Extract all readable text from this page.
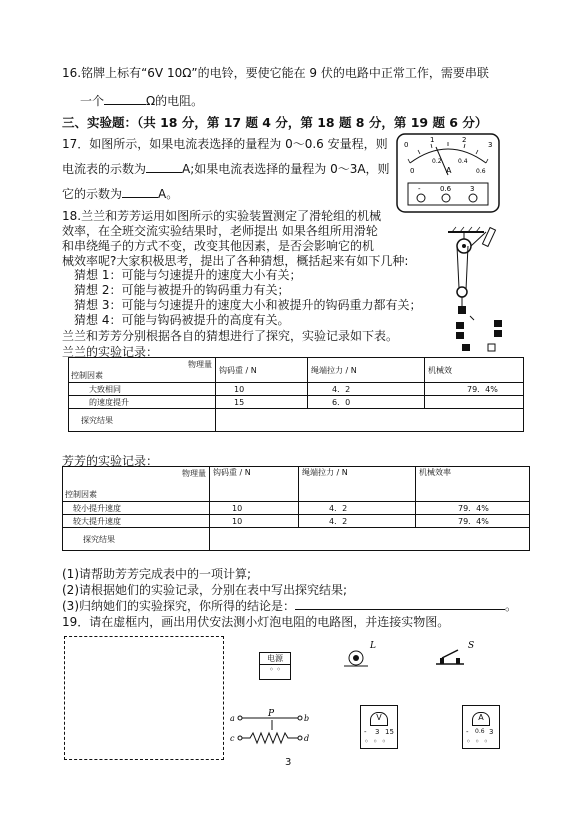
16.铭牌上标有“6V 10Ω”的电铃，要使它能在 9 伏的电路中正常工作，需要串联
一个	Ω的电阻。
三、实验题：（共 18 分，第 17 题 4 分，第 18 题 8 分，第 19 题 6 分）
17．如图所示，如果电流表选择的量程为 0～0.6 安量程，则
电流表的示数为	A;如果电流表选择的量程为 0～3A，则
它的示数为	A。
0
1	2
3
0
0.2	0.4
0.6
A
-	0.6	3
18.兰兰和芳芳运用如图所示的实验装置测定了滑轮组的机械
效率，在全班交流实验结果时，老师提出 如果各组所用滑轮
和串绕绳子的方式不变，改变其他因素，是否会影响它的机
械效率呢?大家积极思考，提出了各种猜想，概括起来有如下几种:
猜想 1：可能与匀速提升的速度大小有关；
猜想 2：可能与被提升的钩码重力有关；
猜想 3：可能与匀速提升的速度大小和被提升的钩码重力都有关；
猜想 4：可能与钩码被提升的高度有关。
兰兰和芳芳分别根据各自的猜想进行了探究，实验记录如下表。
兰兰的实验记录：
物理量
控制因素	钩码重 / N	绳端拉力 / N	机械效
大致相同	10	4．2	79．4%
的速度提升	15	6．0	
探究结果			
芳芳的实验记录：
物理量
控制因素	钩码重 / N	绳端拉力 / N	机械效率
较小提升速度	10	4．2	79．4%
较大提升速度	10	4．2	79．4%
探究结果			
(1)请帮助芳芳完成表中的一项计算;
(2)请根据她们的实验记录，分别在表中写出探究结果;
(3)归纳她们的实验探究，你所得的结论是：	。
19．请在虚框内，画出用伏安法测小灯泡电阻的电路图，并连接实物图。
电源
◦ ◦
L	S
a	b
P
c	d
V
- 3 15
◦◦◦
A
- 0.6 3
◦◦◦
3
